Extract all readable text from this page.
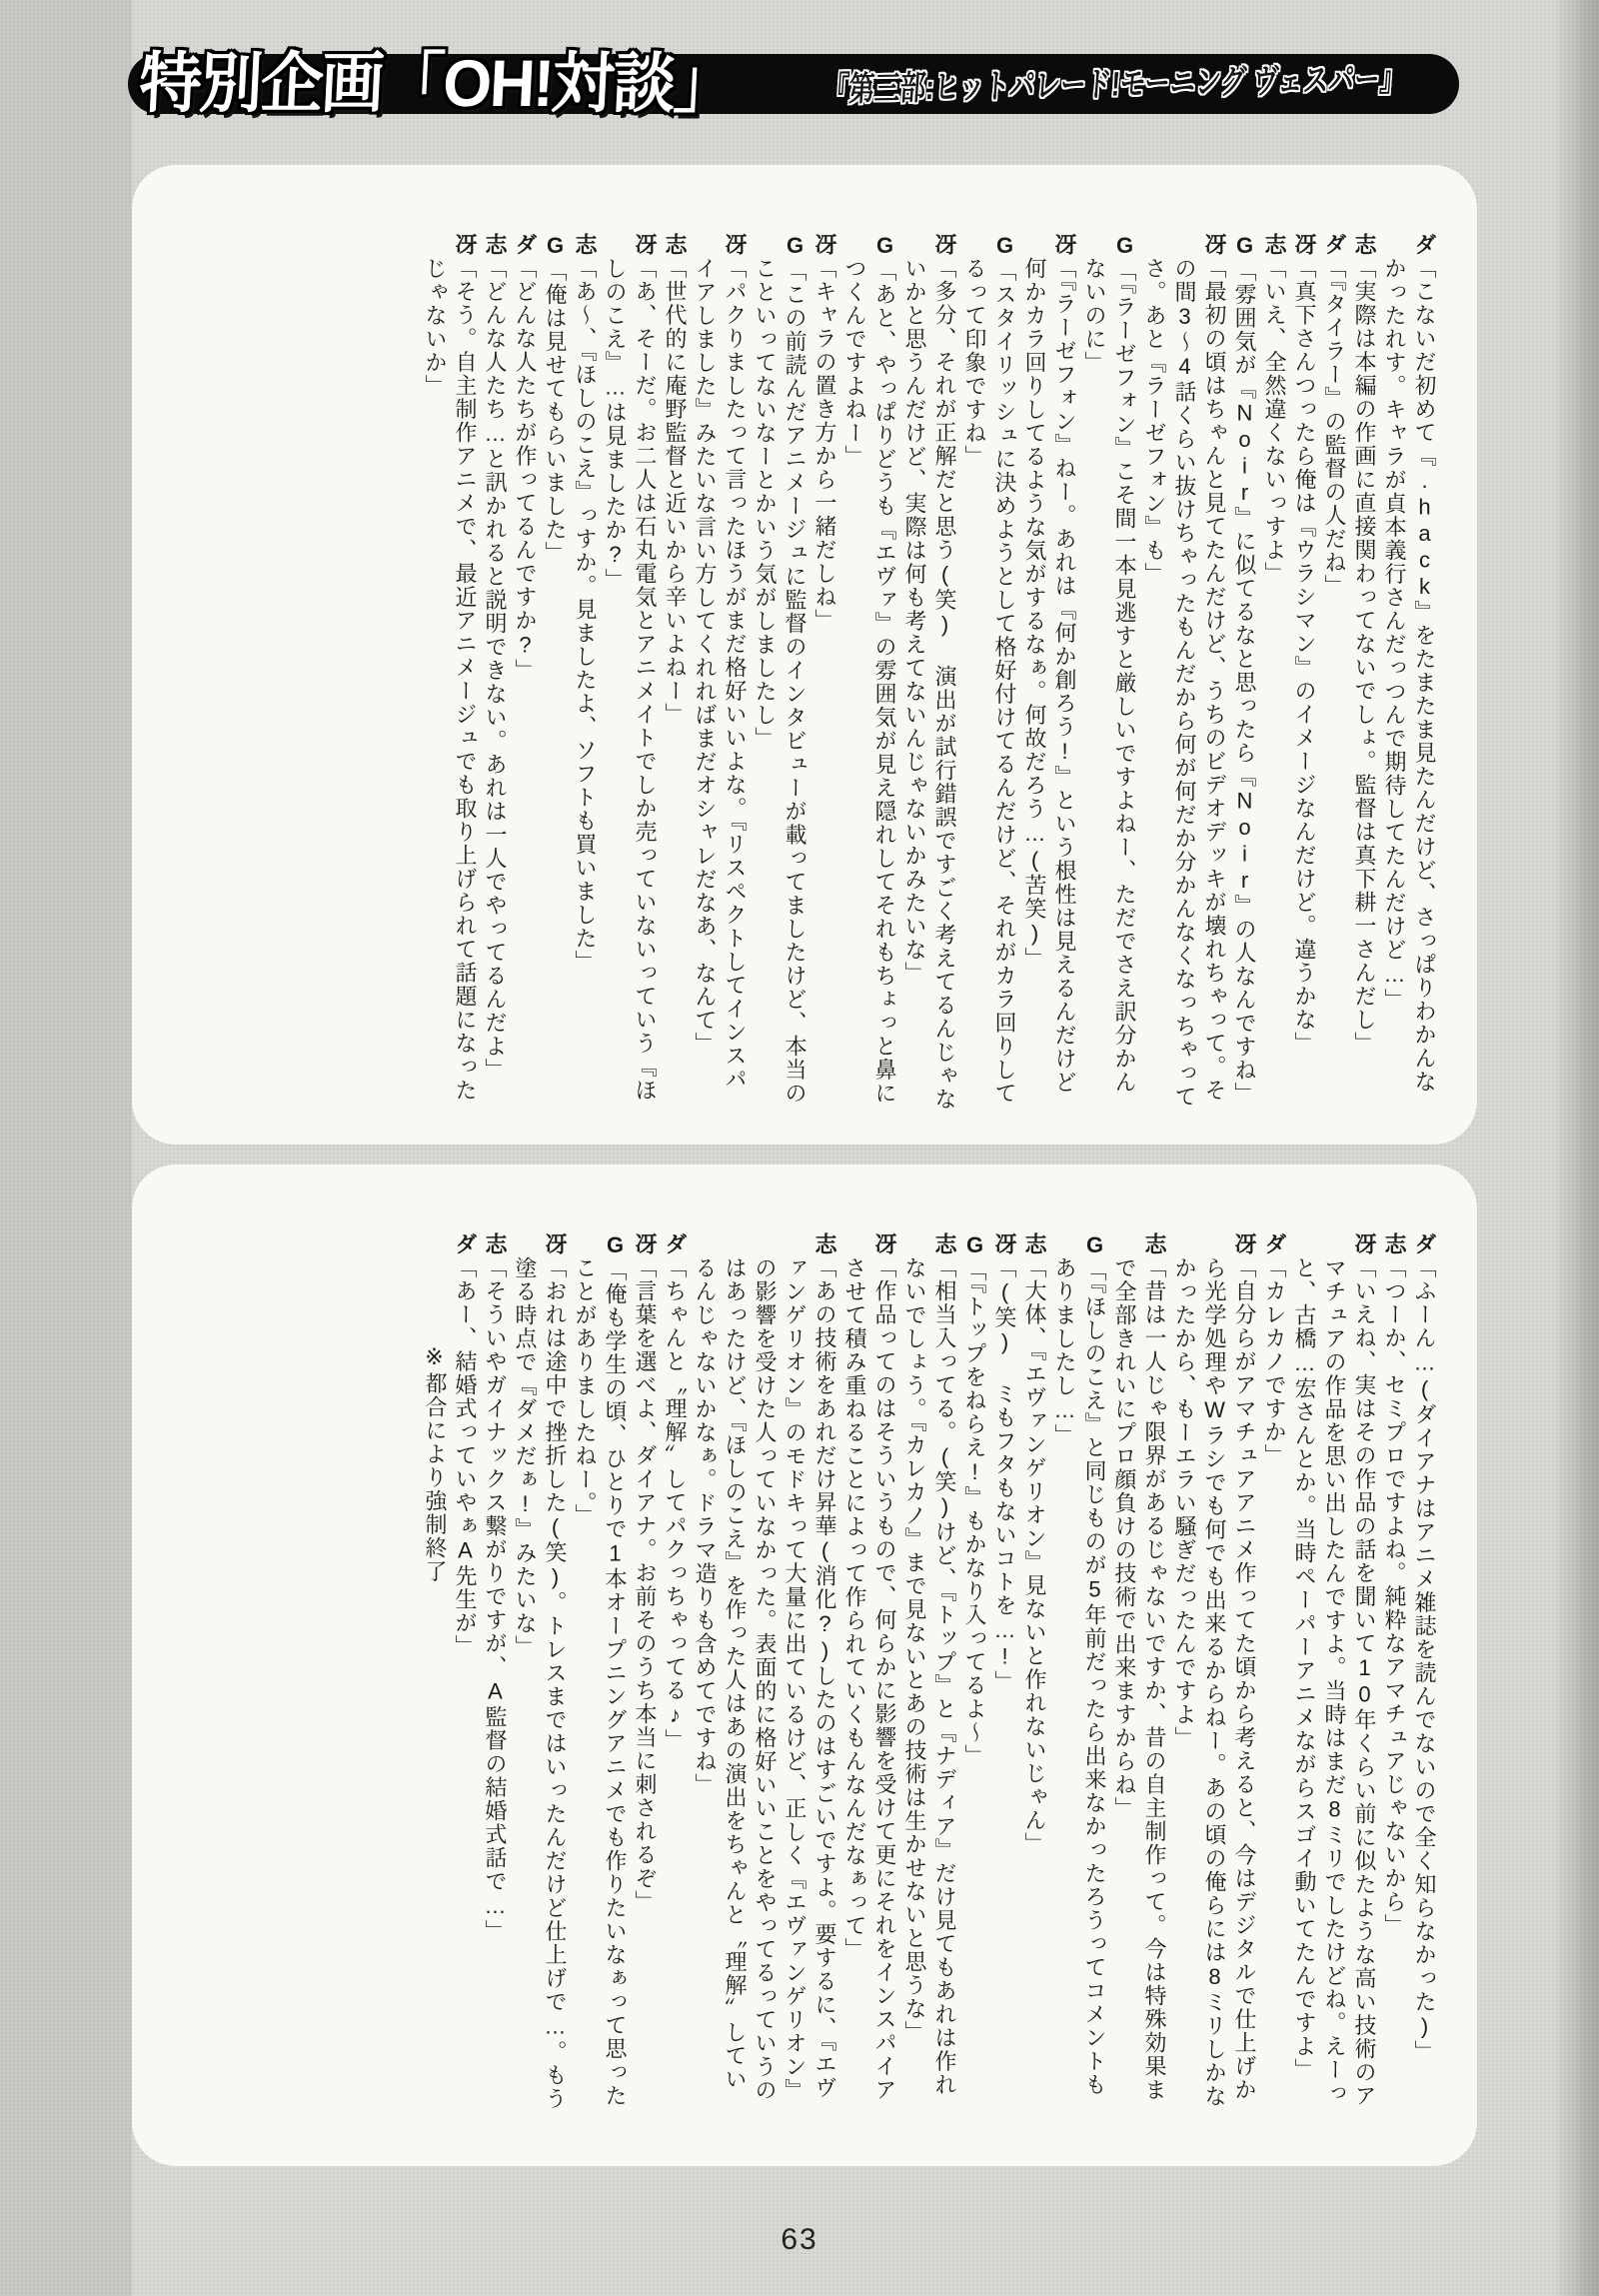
特別企画「ОН!対談」	『第三部:ヒットパレード!モーニング ヴェスパー』
ダ「こないだ初めて『.hack』をたまたま見たんだけど、さっぱりわかんなかったれす。キャラが貞本義行さんだっつんで期待してたんだけど…」
志「実際は本編の作画に直接関わってないでしょ。監督は真下耕一さんだし」
ダ「『タイラー』の監督の人だね」
冴「真下さんつったら俺は『ウラシマン』のイメージなんだけど。違うかな」
志「いえ、全然違くないっすよ」
G「雰囲気が『Noir』に似てるなと思ったら『Noir』の人なんですね」
冴「最初の頃はちゃんと見てたんだけど、うちのビデオデッキが壊れちゃって。その間3〜4話くらい抜けちゃったもんだから何が何だか分かんなくなっちゃってさ。あと『ラーゼフォン』も」
G「『ラーゼフォン』こそ間一本見逃すと厳しいですよねー、ただでさえ訳分かんないのに」
冴「『ラーゼフォン』ねー。あれは『何か創ろう!』という根性は見えるんだけど何かカラ回りしてるような気がするなぁ。何故だろう…(苦笑)」
G「スタイリッシュに決めようとして格好付けてるんだけど、それがカラ回りしてるって印象ですね」
冴「多分、それが正解だと思う(笑) 演出が試行錯誤ですごく考えてるんじゃないかと思うんだけど、実際は何も考えてないんじゃないかみたいな」
G「あと、やっぱりどうも『エヴァ』の雰囲気が見え隠れしてそれもちょっと鼻につくんですよねー」
冴「キャラの置き方から一緒だしね」
G「この前読んだアニメージュに監督のインタビューが載ってましたけど、本当のこといってないなーとかいう気がしましたし」
冴「パクりましたって言ったほうがまだ格好いいよな。『リスペクトしてインスパイアしました』みたいな言い方してくれればまだオシャレだなあ、なんて」
志「世代的に庵野監督と近いから辛いよねー」
冴「あ、そーだ。お二人は石丸電気とアニメイトでしか売っていないっていう『ほしのこえ』…は見ましたか?」
志「あ〜、『ほしのこえ』っすか。見ましたよ、ソフトも買いました」
G「俺は見せてもらいました」
ダ「どんな人たちが作ってるんですか?」
志「どんな人たち…と訊かれると説明できない。あれは一人でやってるんだよ」
冴「そう。自主制作アニメで、最近アニメージュでも取り上げられて話題になったじゃないか」
ダ「ふーん…(ダイアナはアニメ雑誌を読んでないので全く知らなかった)」
志「つーか、セミプロですよね。純粋なアマチュアじゃないから」
冴「いえね、実はその作品の話を聞いて10年くらい前に似たような高い技術のアマチュアの作品を思い出したんですよ。当時はまだ8ミリでしたけどね。えーっと、古橋…宏さんとか。当時ペーパーアニメながらスゴイ動いてたんですよ」
ダ「カレカノですか」
冴「自分らがアマチュアアニメ作ってた頃から考えると、今はデジタルで仕上げから光学処理やWラシでも何でも出来るからねー。あの頃の俺らには8ミリしかなかったから、もーエラい騒ぎだったんですよ」
志「昔は一人じゃ限界があるじゃないですか、昔の自主制作って。今は特殊効果まで全部きれいにプロ顔負けの技術で出来ますからね」
G「『ほしのこえ』と同じものが5年前だったら出来なかったろうってコメントもありましたし…」
志「大体、『エヴァンゲリオン』見ないと作れないじゃん」
冴「(笑) ミもフタもないコトを…!」
G「『トップをねらえ!』もかなり入ってるよ〜」
志「相当入ってる。(笑)けど、『トップ』と『ナディア』だけ見てもあれは作れないでしょう。『カレカノ』まで見ないとあの技術は生かせないと思うな」
冴「作品ってのはそういうもので、何らかに影響を受けて更にそれをインスパイアさせて積み重ねることによって作られていくもんなんだなぁって」
志「あの技術をあれだけ昇華(消化?)したのはすごいですよ。要するに、『エヴァンゲリオン』のモドキって大量に出ているけど、正しく『エヴァンゲリオン』の影響を受けた人っていなかった。表面的に格好いいことをやってるっていうのはあったけど、『ほしのこえ』を作った人はあの演出をちゃんと〝理解〟しているんじゃないかなぁ。ドラマ造りも含めてですね」
ダ「ちゃんと〝理解〟してパクっちゃってる♪」
冴「言葉を選べよ、ダイアナ。お前そのうち本当に刺されるぞ」
G「俺も学生の頃、ひとりで1本オープニングアニメでも作りたいなぁって思ったことがありましたねー。」
冴「おれは途中で挫折した(笑)。トレスまではいったんだけど仕上げで…。もう塗る時点で『ダメだぁ!』みたいな」
志「そういやガイナックス繋がりですが、A監督の結婚式話で…」
ダ「あー、結婚式っていやぁA先生が」
※都合により強制終了
63
